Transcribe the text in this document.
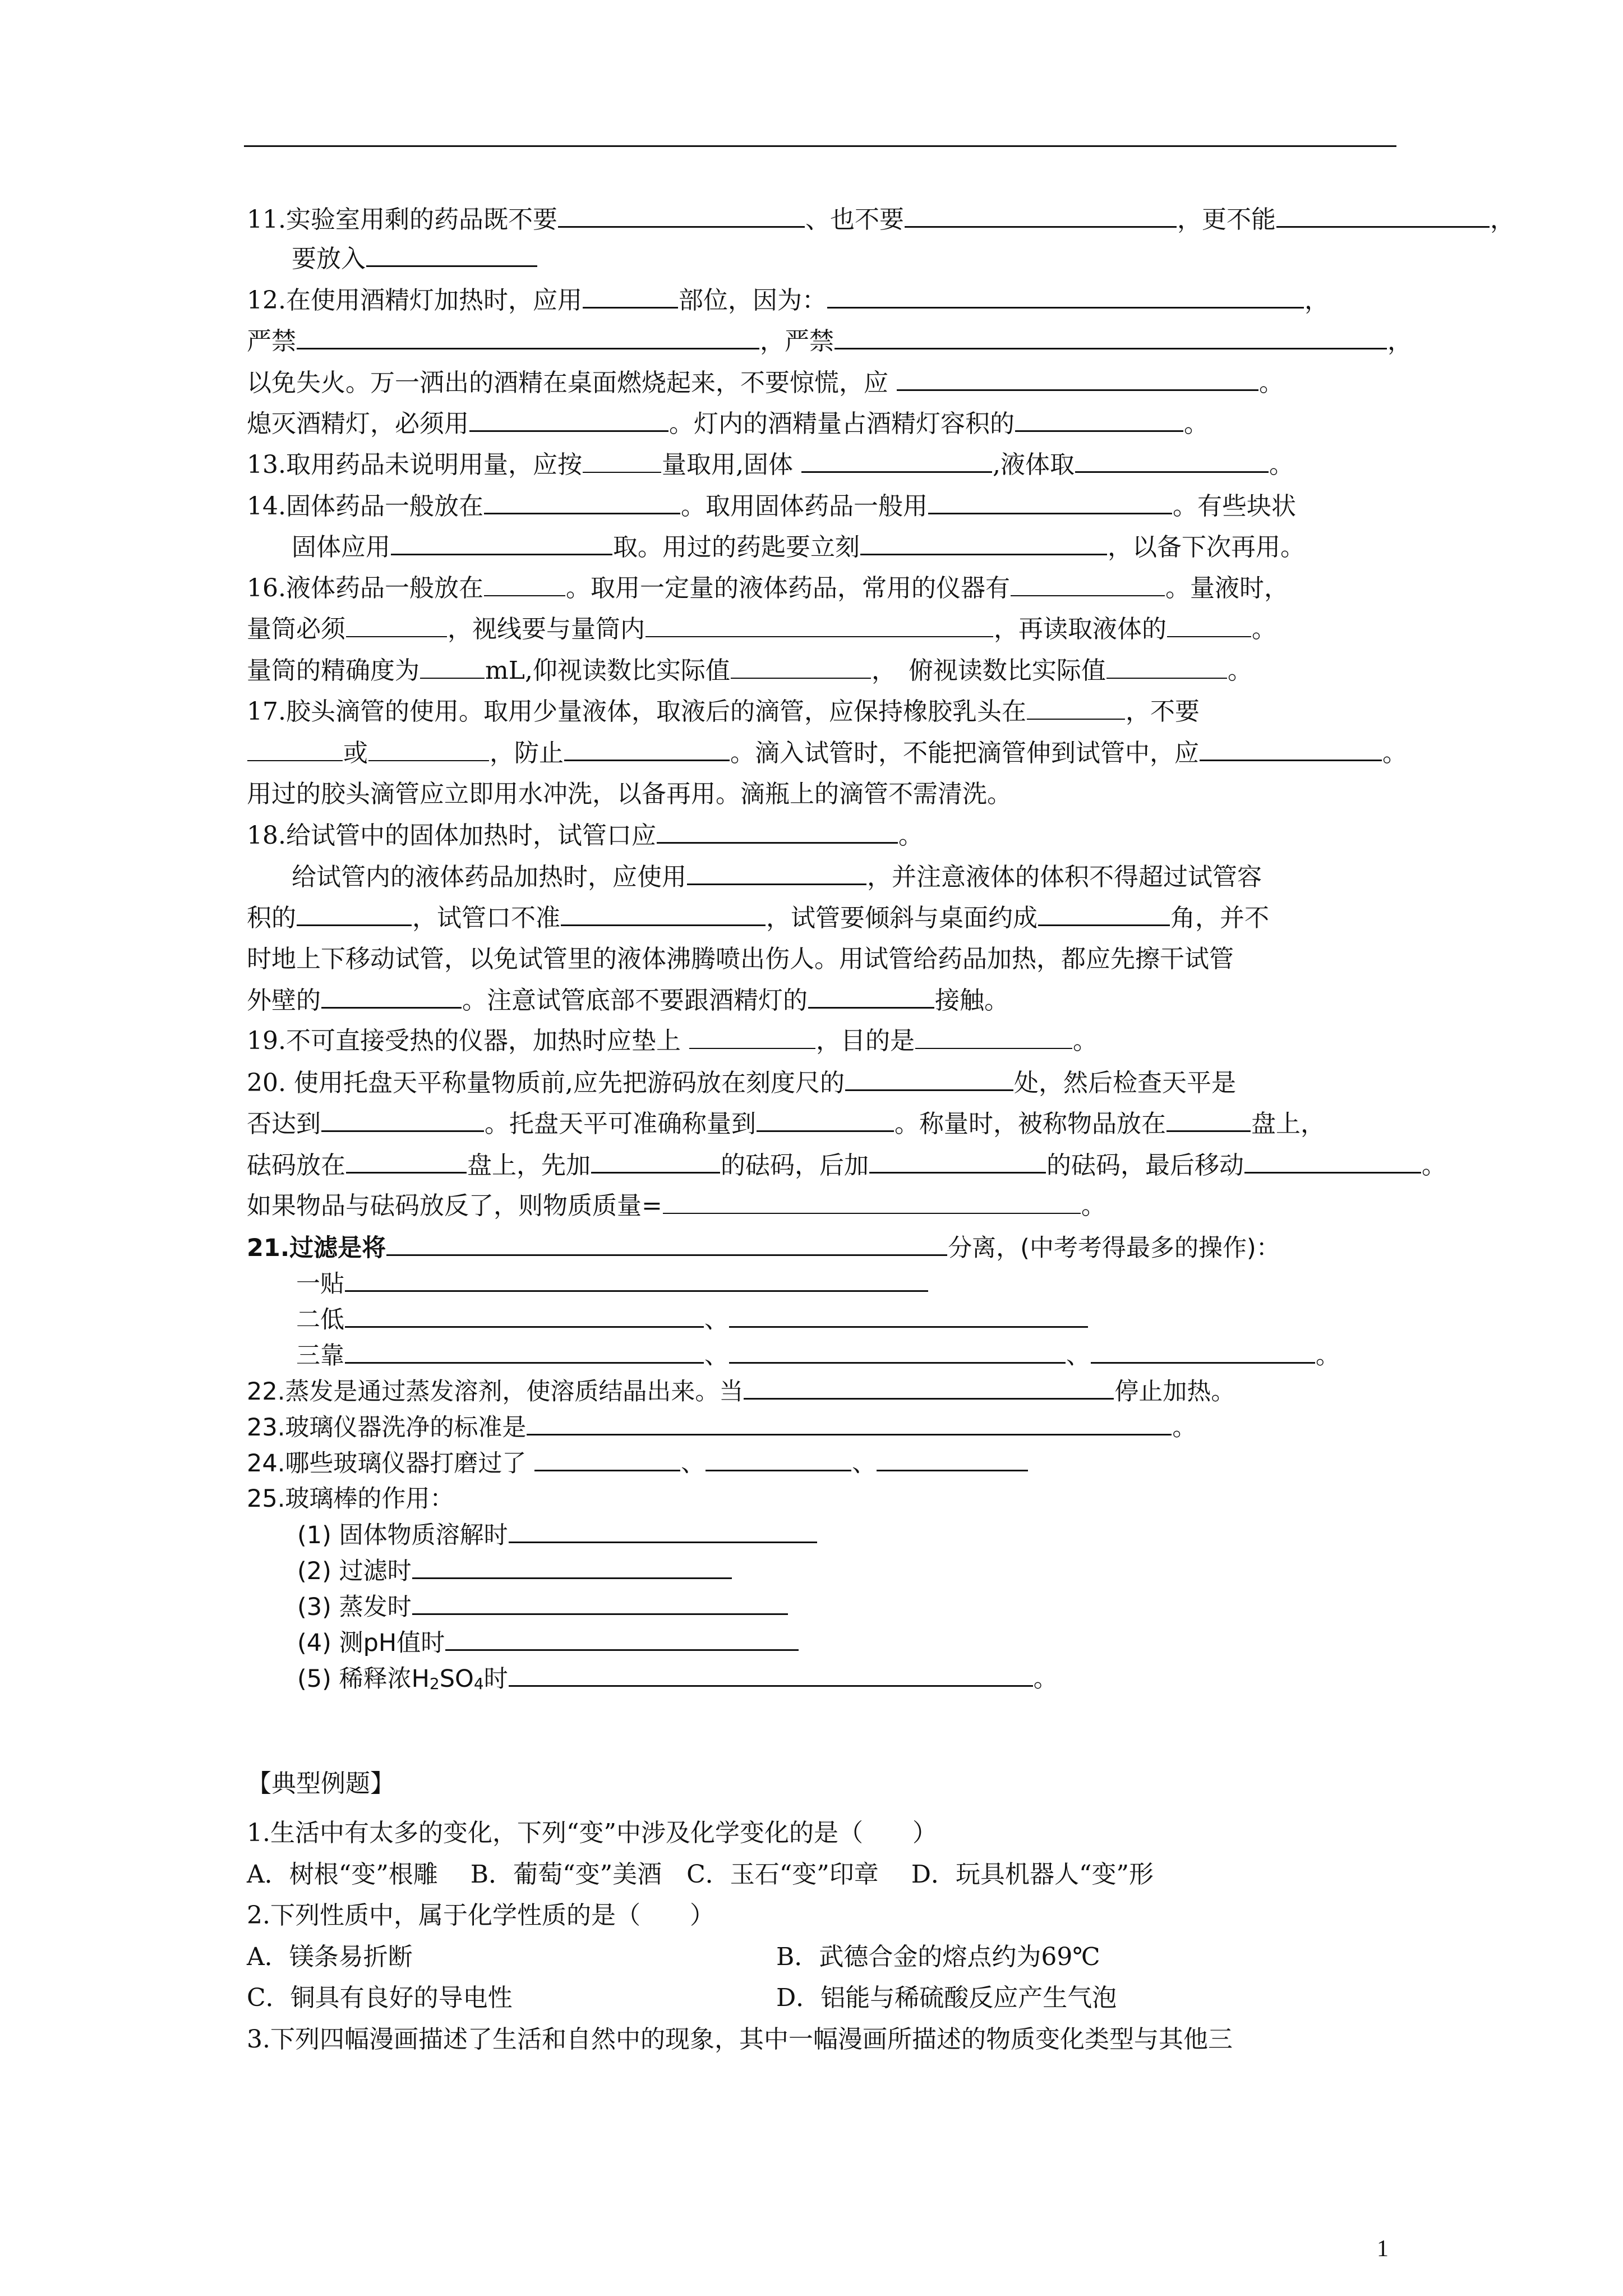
11.实验室用剩的药品既不要	、也不要	，更不能	，
要放入
12.在使用酒精灯加热时，应用	部位，因为：	，
严禁	，严禁	，
以免失火。万一洒出的酒精在桌面燃烧起来，不要惊慌，应	。
熄灭酒精灯，必须用	。灯内的酒精量占酒精灯容积的	。
13.取用药品未说明用量，应按	量取用,固体	,液体取	。
14.固体药品一般放在	。取用固体药品一般用	。有些块状
固体应用	取。用过的药匙要立刻	，以备下次再用。
16.液体药品一般放在	。取用一定量的液体药品，常用的仪器有	。量液时，
量筒必须	，视线要与量筒内	，再读取液体的	。
量筒的精确度为	mL,仰视读数比实际值	，　 俯视读数比实际值	。
17.胶头滴管的使用。取用少量液体，取液后的滴管，应保持橡胶乳头在	，不要
或	，防止	。滴入试管时，不能把滴管伸到试管中，应	。
用过的胶头滴管应立即用水冲洗，以备再用。滴瓶上的滴管不需清洗。
18.给试管中的固体加热时，试管口应	。
给试管内的液体药品加热时，应使用	，并注意液体的体积不得超过试管容
积的	，试管口不准	，试管要倾斜与桌面约成	角，并不
时地上下移动试管，以免试管里的液体沸腾喷出伤人。用试管给药品加热，都应先擦干试管
外壁的	。注意试管底部不要跟酒精灯的	接触。
19.不可直接受热的仪器，加热时应垫上	，目的是	。
20. 使用托盘天平称量物质前,应先把游码放在刻度尺的	处，然后检查天平是
否达到	。托盘天平可准确称量到	。称量时，被称物品放在	盘上，
砝码放在	盘上，先加	的砝码，后加	的砝码，最后移动	。
如果物品与砝码放反了，则物质质量=	。
21.过滤是将	分离，(中考考得最多的操作)：
一贴
二低	、
三靠	、	、	。
22.蒸发是通过蒸发溶剂，使溶质结晶出来。当	停止加热。
23.玻璃仪器洗净的标准是	。
24.哪些玻璃仪器打磨过了	、	、
25.玻璃棒的作用：
(1) 固体物质溶解时
(2) 过滤时
(3) 蒸发时
(4) 测pH值时
(5) 稀释浓$H_2SO_4$时	。
【典型例题】
1.生活中有太多的变化，下列“变”中涉及化学变化的是（　　）
A．树根“变”根雕　 B．葡萄“变”美酒　C．玉石“变”印章　 D．玩具机器人“变”形
2.下列性质中，属于化学性质的是（　　）
A．镁条易折断	B．武德合金的熔点约为69℃
C．铜具有良好的导电性	D．铝能与稀硫酸反应产生气泡
3.下列四幅漫画描述了生活和自然中的现象，其中一幅漫画所描述的物质变化类型与其他三
1
